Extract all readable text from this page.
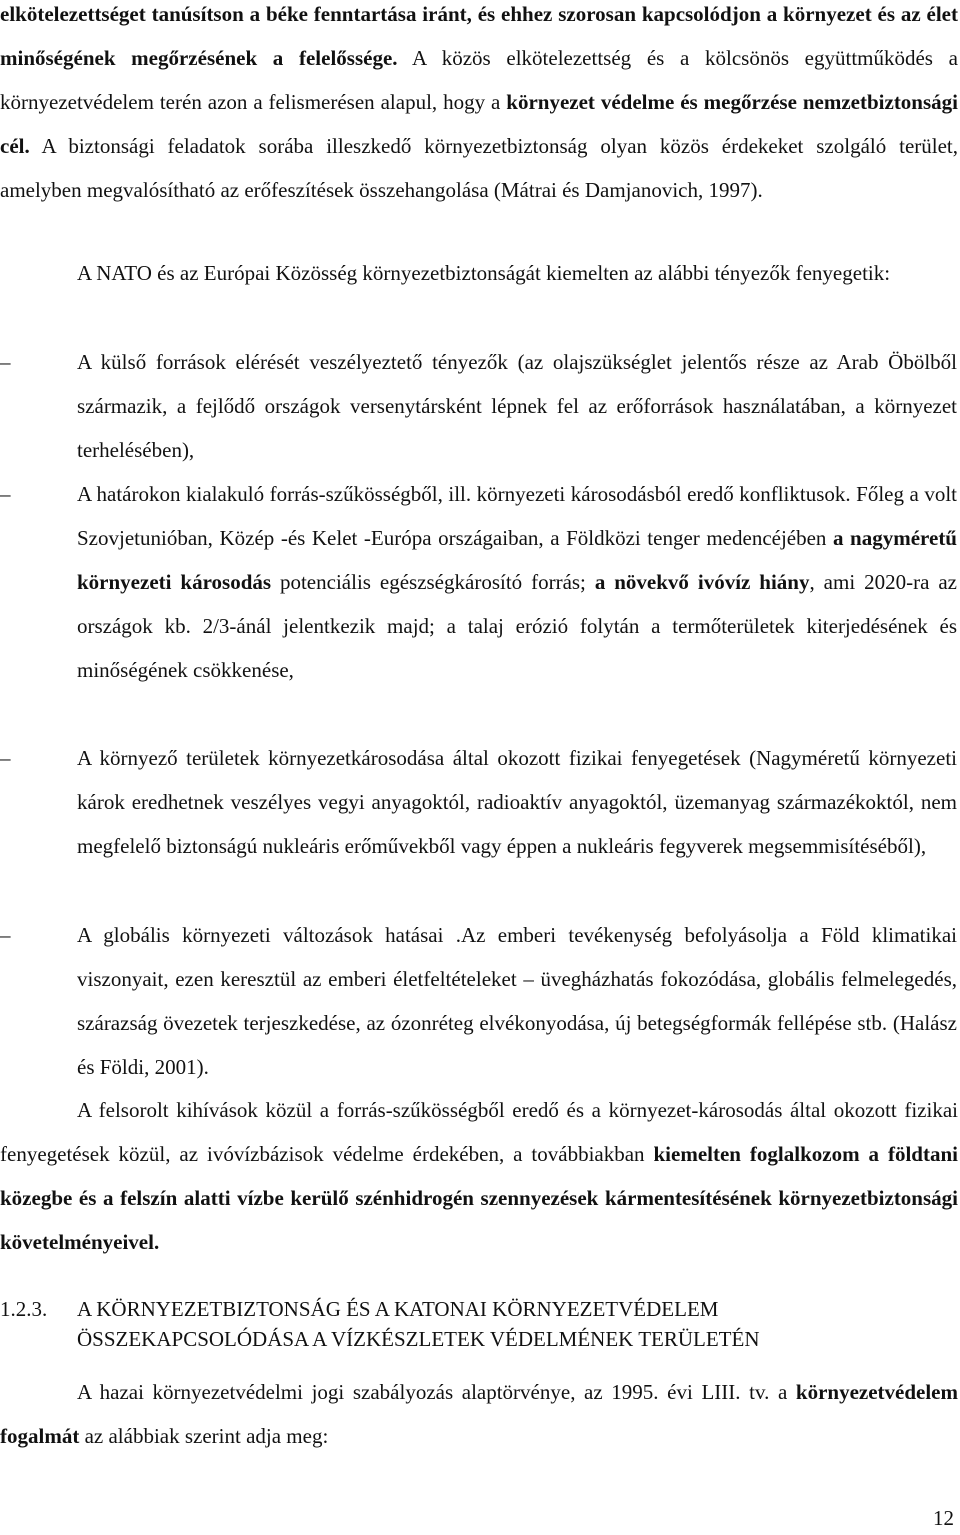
elkötelezettséget tanúsítson a béke fenntartása iránt, és ehhez szorosan kapcsolódjon a környezet és az élet minőségének megőrzésének a felelőssége. A közös elkötelezettség és a kölcsönös együttműködés a környezetvédelem terén azon a felismerésen alapul, hogy a környezet védelme és megőrzése nemzetbiztonsági cél. A biztonsági feladatok sorába illeszkedő környezetbiztonság olyan közös érdekeket szolgáló terület, amelyben megvalósítható az erőfeszítések összehangolása (Mátrai és Damjanovich, 1997).

A NATO és az Európai Közösség környezetbiztonságát kiemelten az alábbi tényezők fenyegetik:

–	A külső források elérését veszélyeztető tényezők (az olajszükséglet jelentős része az Arab Öbölből származik, a fejlődő országok versenytársként lépnek fel az erőforrások használatában, a környezet terhelésében),

–	A határokon kialakuló forrás-szűkösségből, ill. környezeti károsodásból eredő konfliktusok. Főleg a volt Szovjetunióban, Közép -és Kelet -Európa országaiban, a Földközi tenger medencéjében a nagyméretű környezeti károsodás potenciális egészségkárosító forrás; a növekvő ivóvíz hiány, ami 2020-ra az országok kb. 2/3-ánál jelentkezik majd; a talaj erózió folytán a termőterületek kiterjedésének és minőségének csökkenése,

–	A környező területek környezetkárosodása által okozott fizikai fenyegetések (Nagyméretű környezeti károk eredhetnek veszélyes vegyi anyagoktól, radioaktív anyagoktól, üzemanyag származékoktól, nem megfelelő biztonságú nukleáris erőművekből vagy éppen a nukleáris fegyverek megsemmisítéséből),

–	A globális környezeti változások hatásai .Az emberi tevékenység befolyásolja a Föld klimatikai viszonyait, ezen keresztül az emberi életfeltételeket – üvegházhatás fokozódása, globális felmelegedés, szárazság övezetek terjeszkedése, az ózonréteg elvékonyodása, új betegségformák fellépése stb. (Halász és Földi, 2001).

A felsorolt kihívások közül a forrás-szűkösségből eredő és a környezet-károsodás által okozott fizikai fenyegetések közül, az ivóvízbázisok védelme érdekében, a továbbiakban kiemelten foglalkozom a földtani közegbe és a felszín alatti vízbe kerülő szénhidrogén szennyezések kármentesítésének környezetbiztonsági követelményeivel.

1.2.3. A KÖRNYEZETBIZTONSÁG ÉS A KATONAI KÖRNYEZETVÉDELEM
ÖSSZEKAPCSOLÓDÁSA A VÍZKÉSZLETEK VÉDELMÉNEK TERÜLETÉN

A hazai környezetvédelmi jogi szabályozás alaptörvénye, az 1995. évi LIII. tv. a környezetvédelem fogalmát az alábbiak szerint adja meg:

12
